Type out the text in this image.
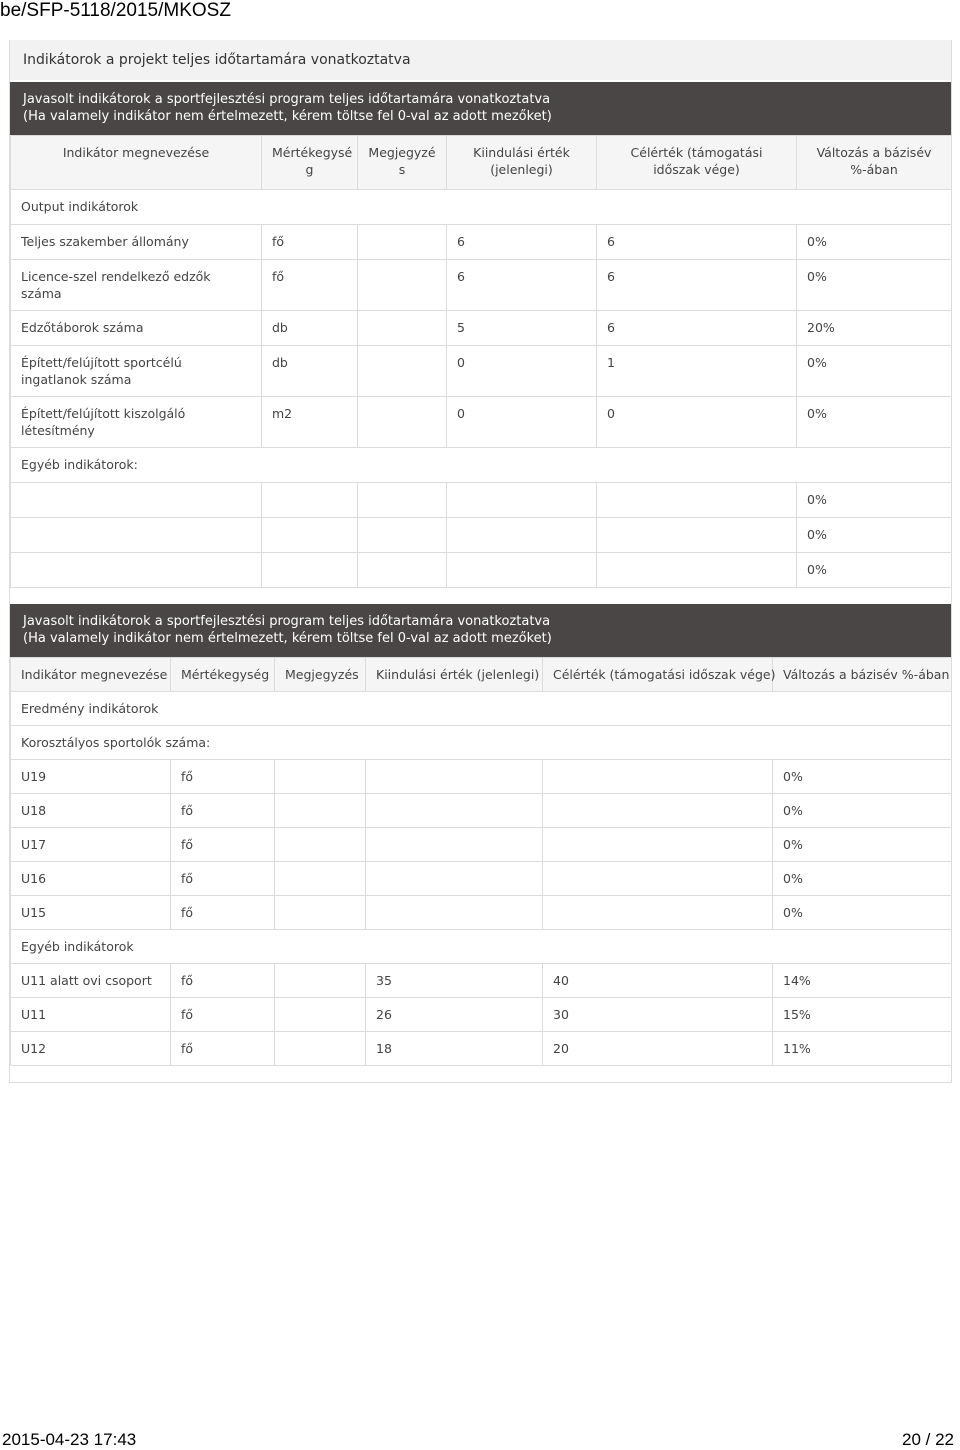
be/SFP-5118/2015/MKOSZ
Indikátorok a projekt teljes időtartamára vonatkoztatva
Javasolt indikátorok a sportfejlesztési program teljes időtartamára vonatkoztatva
(Ha valamely indikátor nem értelmezett, kérem töltse fel 0-val az adott mezőket)
Indikátor megnevezése	Mértékegysé g	Megjegyzé s	Kiindulási érték (jelenlegi)	Célérték (támogatási időszak vége)	Változás a bázisév %-ában
Output indikátorok					
Teljes szakember állomány	fő		6	6	0%
Licence-szel rendelkező edzők száma	fő		6	6	0%
Edzőtáborok száma	db		5	6	20%
Épített/felújított sportcélú ingatlanok száma	db		0	1	0%
Épített/felújított kiszolgáló létesítmény	m2		0	0	0%
Egyéb indikátorok:					
					0%
					0%
					0%
Javasolt indikátorok a sportfejlesztési program teljes időtartamára vonatkoztatva
(Ha valamely indikátor nem értelmezett, kérem töltse fel 0-val az adott mezőket)
Indikátor megnevezése	Mértékegység	Megjegyzés	Kiindulási érték (jelenlegi)	Célérték (támogatási időszak vége)	Változás a bázisév %-ában
Eredmény indikátorok					
Korosztályos sportolók száma:					
U19	fő				0%
U18	fő				0%
U17	fő				0%
U16	fő				0%
U15	fő				0%
Egyéb indikátorok					
U11 alatt ovi csoport	fő		35	40	14%
U11	fő		26	30	15%
U12	fő		18	20	11%
2015-04-23 17:43	20 / 22
